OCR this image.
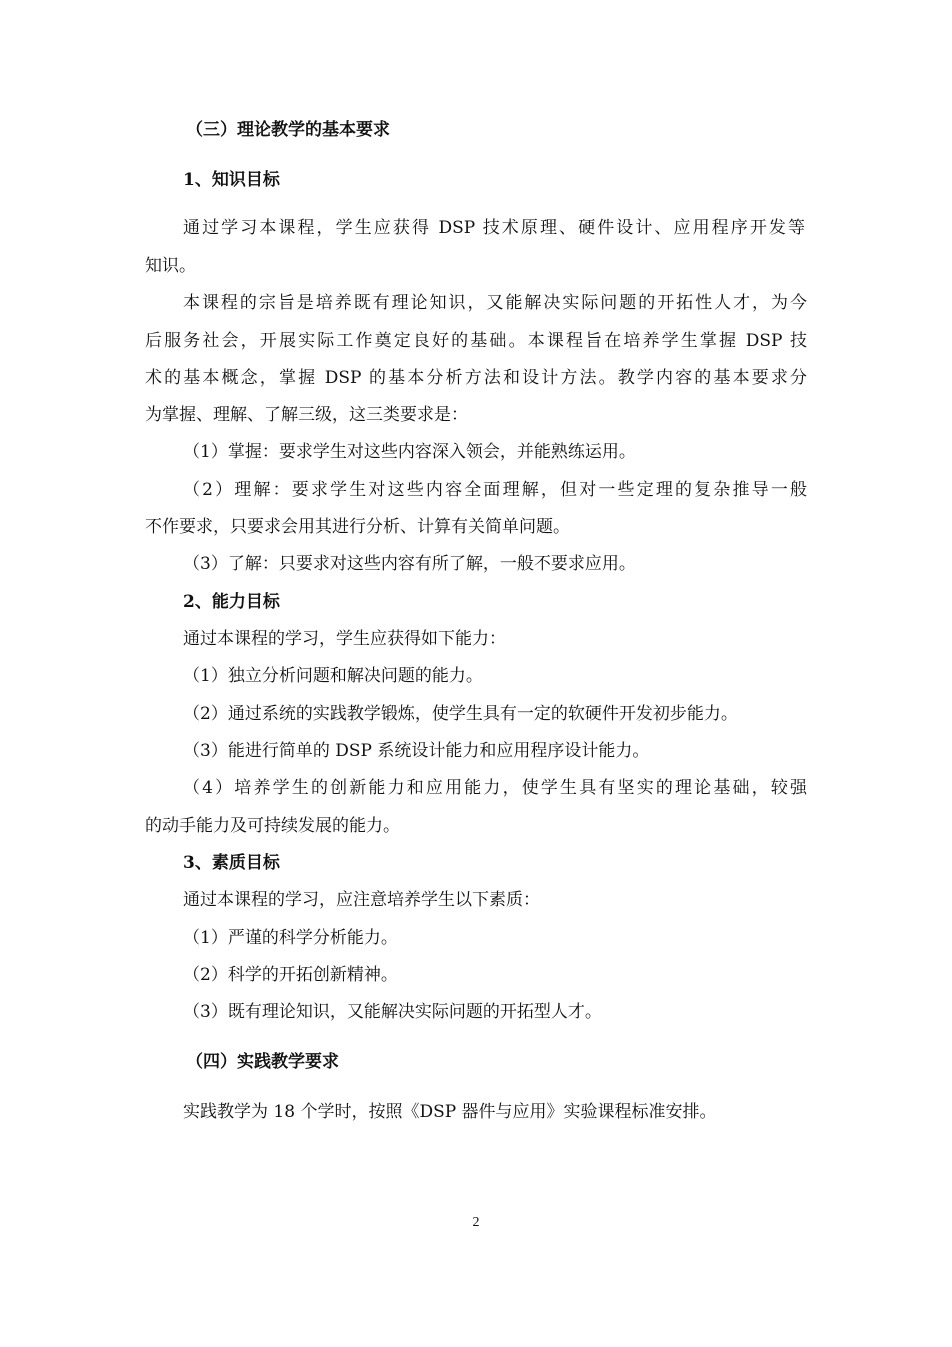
（三）理论教学的基本要求
1、知识目标
通过学习本课程，学生应获得 DSP 技术原理、硬件设计、应用程序开发等
知识。
本课程的宗旨是培养既有理论知识，又能解决实际问题的开拓性人才，为今
后服务社会，开展实际工作奠定良好的基础。本课程旨在培养学生掌握 DSP 技
术的基本概念，掌握 DSP 的基本分析方法和设计方法。教学内容的基本要求分
为掌握、理解、了解三级，这三类要求是：
（1）掌握：要求学生对这些内容深入领会，并能熟练运用。
（2）理解：要求学生对这些内容全面理解，但对一些定理的复杂推导一般
不作要求，只要求会用其进行分析、计算有关简单问题。
（3）了解：只要求对这些内容有所了解，一般不要求应用。
2、能力目标
通过本课程的学习，学生应获得如下能力：
（1）独立分析问题和解决问题的能力。
（2）通过系统的实践教学锻炼，使学生具有一定的软硬件开发初步能力。
（3）能进行简单的 DSP 系统设计能力和应用程序设计能力。
（4）培养学生的创新能力和应用能力，使学生具有坚实的理论基础，较强
的动手能力及可持续发展的能力。
3、素质目标
通过本课程的学习，应注意培养学生以下素质：
（1）严谨的科学分析能力。
（2）科学的开拓创新精神。
（3）既有理论知识，又能解决实际问题的开拓型人才。
（四）实践教学要求
实践教学为 18 个学时，按照《DSP 器件与应用》实验课程标准安排。
2
